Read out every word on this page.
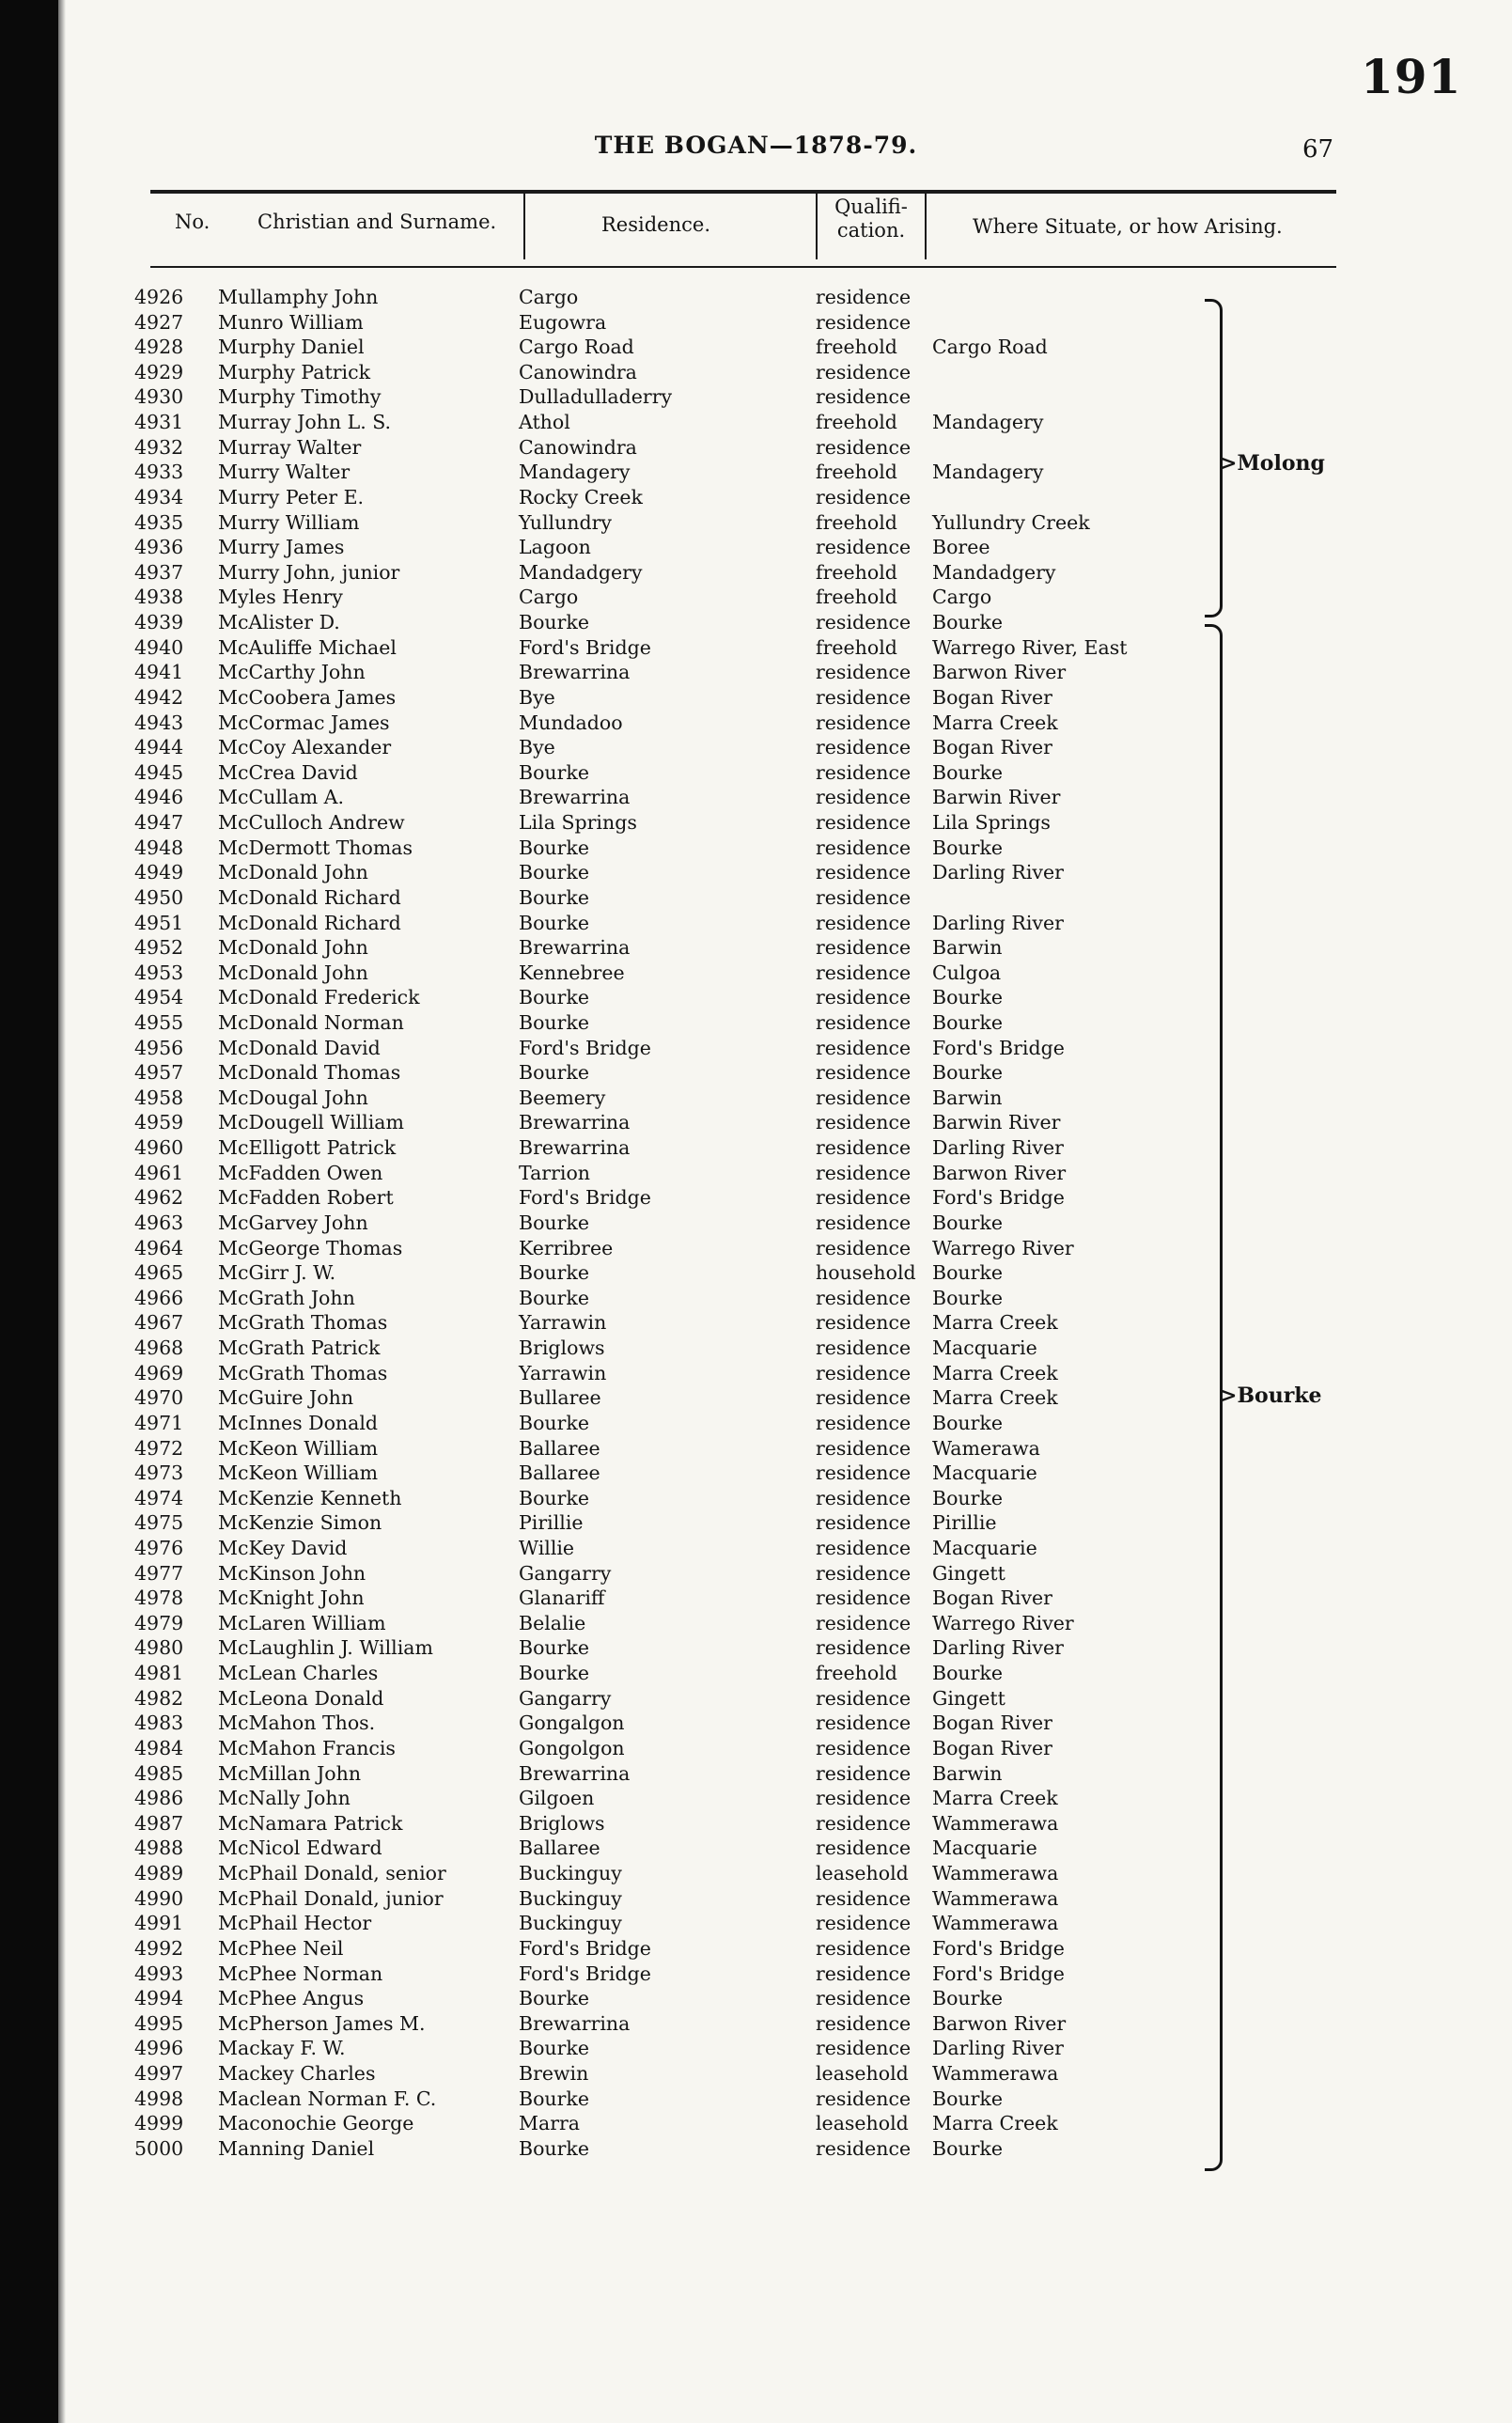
191
THE BOGAN—1878-79.	67
No. Christian and Surname.	Residence.
Qualifi-
cation.	Where Situate, or how Arising.
4926 Mullamphy John	Cargo	residence
4927 Munro William	Eugowra	residence
4928 Murphy Daniel	Cargo Road	freehold Cargo Road
4929 Murphy Patrick	Canowindra	residence
4930 Murphy Timothy	Dulladulladerry	residence
4931 Murray John L. S.	Athol	freehold Mandagery
4932 Murray Walter	Canowindra	residence
4933 Murry Walter	Mandagery	freehold Mandagery
4934 Murry Peter E.	Rocky Creek	residence
4935 Murry William	Yullundry	freehold Yullundry Creek
4936 Murry James	Lagoon	residence Boree
4937 Murry John, junior	Mandadgery	freehold Mandadgery
4938 Myles Henry	Cargo	freehold Cargo
4939 McAlister D.	Bourke	residence Bourke
4940 McAuliffe Michael	Ford's Bridge	freehold Warrego River, East
4941 McCarthy John	Brewarrina	residence Barwon River
4942 McCoobera James	Bye	residence Bogan River
4943 McCormac James	Mundadoo	residence Marra Creek
4944 McCoy Alexander	Bye	residence Bogan River
4945 McCrea David	Bourke	residence Bourke
4946 McCullam A.	Brewarrina	residence Barwin River
4947 McCulloch Andrew	Lila Springs	residence Lila Springs
4948 McDermott Thomas	Bourke	residence Bourke
4949 McDonald John	Bourke	residence Darling River
4950 McDonald Richard	Bourke	residence
4951 McDonald Richard	Bourke	residence Darling River
4952 McDonald John	Brewarrina	residence Barwin
4953 McDonald John	Kennebree	residence Culgoa
4954 McDonald Frederick	Bourke	residence Bourke
4955 McDonald Norman	Bourke	residence Bourke
4956 McDonald David	Ford's Bridge	residence Ford's Bridge
4957 McDonald Thomas	Bourke	residence Bourke
4958 McDougal John	Beemery	residence Barwin
4959 McDougell William	Brewarrina	residence Barwin River
4960 McElligott Patrick	Brewarrina	residence Darling River
4961 McFadden Owen	Tarrion	residence Barwon River
4962 McFadden Robert	Ford's Bridge	residence Ford's Bridge
4963 McGarvey John	Bourke	residence Bourke
4964 McGeorge Thomas	Kerribree	residence Warrego River
4965 McGirr J. W.	Bourke	household Bourke
4966 McGrath John	Bourke	residence Bourke
4967 McGrath Thomas	Yarrawin	residence Marra Creek
4968 McGrath Patrick	Briglows	residence Macquarie
4969 McGrath Thomas	Yarrawin	residence Marra Creek
4970 McGuire John	Bullaree	residence Marra Creek
4971 McInnes Donald	Bourke	residence Bourke
4972 McKeon William	Ballaree	residence Wamerawa
4973 McKeon William	Ballaree	residence Macquarie
4974 McKenzie Kenneth	Bourke	residence Bourke
4975 McKenzie Simon	Pirillie	residence Pirillie
4976 McKey David	Willie	residence Macquarie
4977 McKinson John	Gangarry	residence Gingett
4978 McKnight John	Glanariff	residence Bogan River
4979 McLaren William	Belalie	residence Warrego River
4980 McLaughlin J. William	Bourke	residence Darling River
4981 McLean Charles	Bourke	freehold Bourke
4982 McLeona Donald	Gangarry	residence Gingett
4983 McMahon Thos.	Gongalgon	residence Bogan River
4984 McMahon Francis	Gongolgon	residence Bogan River
4985 McMillan John	Brewarrina	residence Barwin
4986 McNally John	Gilgoen	residence Marra Creek
4987 McNamara Patrick	Briglows	residence Wammerawa
4988 McNicol Edward	Ballaree	residence Macquarie
4989 McPhail Donald, senior	Buckinguy	leasehold Wammerawa
4990 McPhail Donald, junior	Buckinguy	residence Wammerawa
4991 McPhail Hector	Buckinguy	residence Wammerawa
4992 McPhee Neil	Ford's Bridge	residence Ford's Bridge
4993 McPhee Norman	Ford's Bridge	residence Ford's Bridge
4994 McPhee Angus	Bourke	residence Bourke
4995 McPherson James M.	Brewarrina	residence Barwon River
4996 Mackay F. W.	Bourke	residence Darling River
4997 Mackey Charles	Brewin	leasehold Wammerawa
4998 Maclean Norman F. C.	Bourke	residence Bourke
4999 Maconochie George	Marra	leasehold Marra Creek
5000 Manning Daniel	Bourke	residence Bourke
> Molong
> Bourke
